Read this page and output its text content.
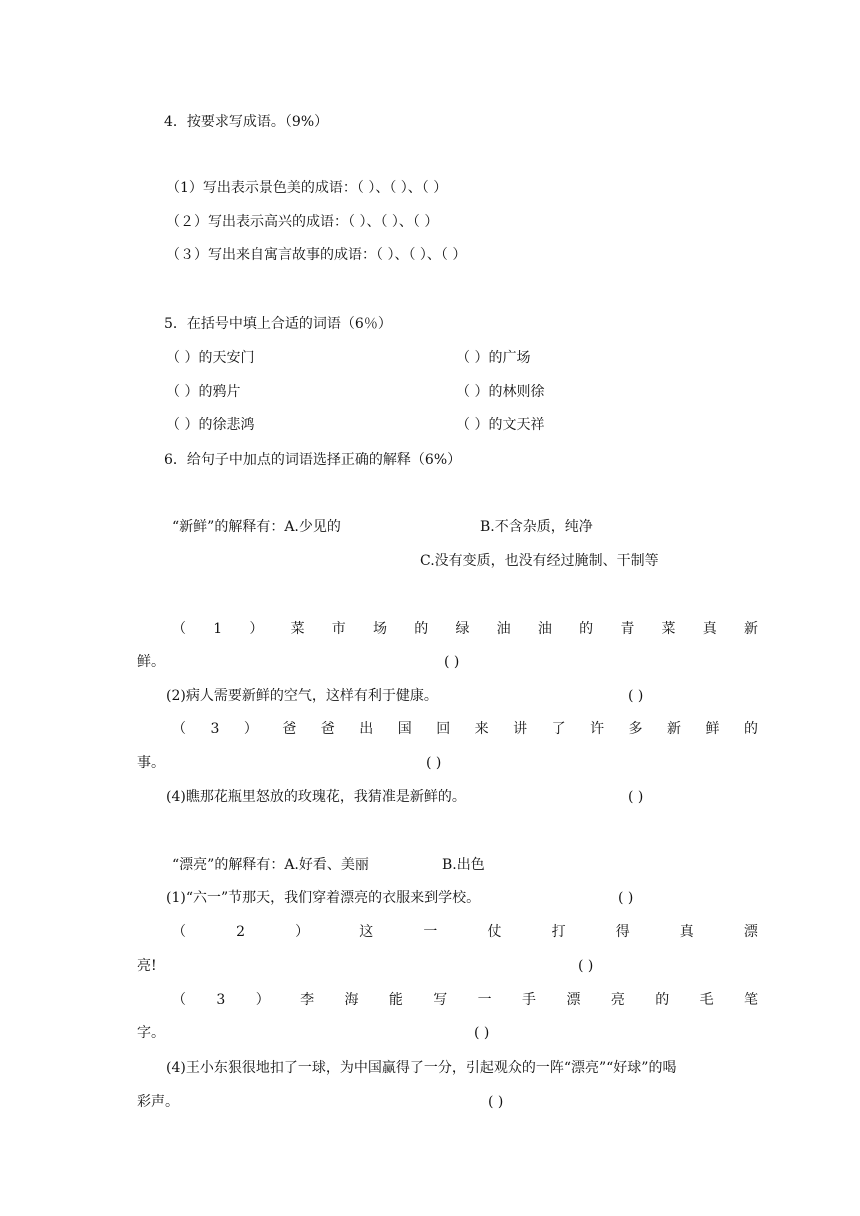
4．按要求写成语。（9%）
（1）写出表示景色美的成语：（ ）、（ ）、（ ）
（２）写出表示高兴的成语：（ ）、（ ）、（ ）
（３）写出来自寓言故事的成语：（ ）、（ ）、（ ）
5．在括号中填上合适的词语（6％）
（ ）的天安门	（ ）的广场
（ ）的鸦片	（ ）的林则徐
（ ）的徐悲鸿	（ ）的文天祥
6．给句子中加点的词语选择正确的解释（6%）
“新鲜”的解释有：A.少见的	B.不含杂质，纯净
C.没有变质，也没有经过腌制、干制等
（ 1 ） 菜 市 场 的 绿 油 油 的 青 菜 真 新
鲜。	( )
(2)病人需要新鲜的空气，这样有利于健康。	( )
（ 3 ） 爸 爸 出 国 回 来 讲 了 许 多 新 鲜 的
事。	( )
(4)瞧那花瓶里怒放的玫瑰花，我猜准是新鲜的。	( )
“漂亮”的解释有：A.好看、美丽	B.出色
(1)“六一”节那天，我们穿着漂亮的衣服来到学校。	( )
（	2	）	这	一	仗	打	得	真	漂
亮!	( )
（ 3 ） 李 海 能 写 一 手 漂 亮 的 毛 笔
字。	( )
(4)王小东狠很地扣了一球，为中国赢得了一分，引起观众的一阵“漂亮”“好球”的喝
彩声。	( )
